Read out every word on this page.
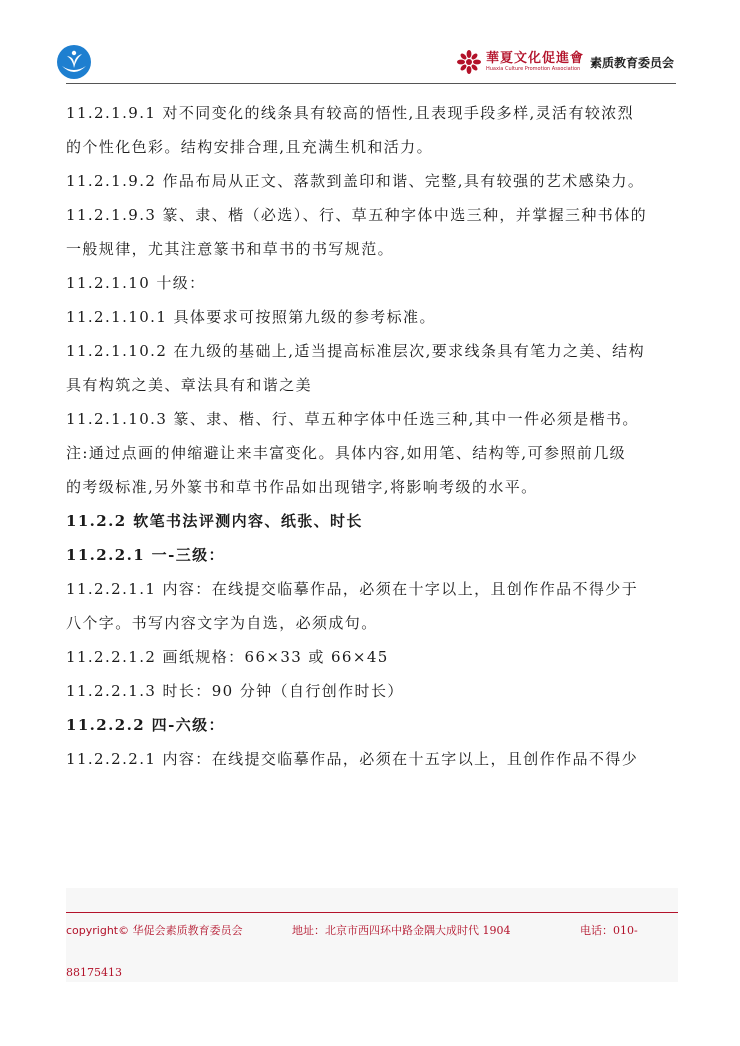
華夏文化促進會
Huaxia Culture Promotion Association 素质教育委员会

11.2.1.9.1 对不同变化的线条具有较高的悟性,且表现手段多样,灵活有较浓烈

的个性化色彩。结构安排合理,且充满生机和活力。

11.2.1.9.2 作品布局从正文、落款到盖印和谐、完整,具有较强的艺术感染力。

11.2.1.9.3 篆、隶、楷（必选）、行、草五种字体中选三种，并掌握三种书体的

一般规律，尤其注意篆书和草书的书写规范。

11.2.1.10 十级：

11.2.1.10.1 具体要求可按照第九级的参考标准。

11.2.1.10.2 在九级的基础上,适当提高标准层次,要求线条具有笔力之美、结构

具有构筑之美、章法具有和谐之美

11.2.1.10.3 篆、隶、楷、行、草五种字体中任选三种,其中一件必须是楷书。

注:通过点画的伸缩避让来丰富变化。具体内容,如用笔、结构等,可参照前几级

的考级标准,另外篆书和草书作品如出现错字,将影响考级的水平。

11.2.2 软笔书法评测内容、纸张、时长

11.2.2.1 一-三级：

11.2.2.1.1 内容：在线提交临摹作品，必须在十字以上，且创作作品不得少于

八个字。书写内容文字为自选，必须成句。

11.2.2.1.2 画纸规格：66×33 或 66×45

11.2.2.1.3 时长：90 分钟（自行创作时长）

11.2.2.2 四-六级：

11.2.2.2.1 内容：在线提交临摹作品，必须在十五字以上，且创作作品不得少

copyright© 华促会素质教育委员会	地址：北京市西四环中路金隅大成时代 1904	电话：010-
88175413
